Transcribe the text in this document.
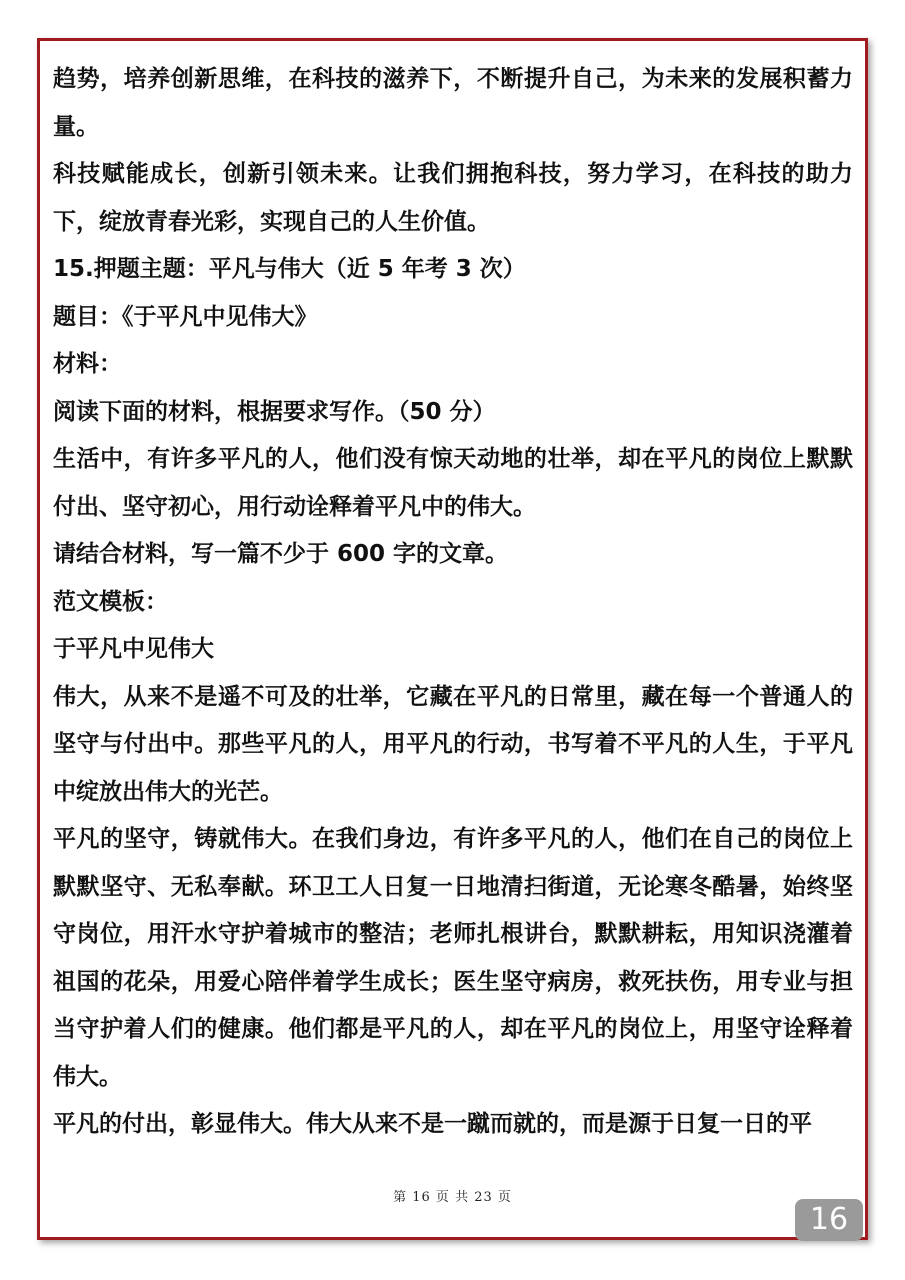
趋势，培养创新思维，在科技的滋养下，不断提升自己，为未来的发展积蓄力量。

科技赋能成长，创新引领未来。让我们拥抱科技，努力学习，在科技的助力下，绽放青春光彩，实现自己的人生价值。

15.押题主题：平凡与伟大（近 5 年考 3 次）

题目：《于平凡中见伟大》

材料：

阅读下面的材料，根据要求写作。（50 分）

生活中，有许多平凡的人，他们没有惊天动地的壮举，却在平凡的岗位上默默付出、坚守初心，用行动诠释着平凡中的伟大。

请结合材料，写一篇不少于 600 字的文章。

范文模板：

于平凡中见伟大

伟大，从来不是遥不可及的壮举，它藏在平凡的日常里，藏在每一个普通人的坚守与付出中。那些平凡的人，用平凡的行动，书写着不平凡的人生，于平凡中绽放出伟大的光芒。

平凡的坚守，铸就伟大。在我们身边，有许多平凡的人，他们在自己的岗位上默默坚守、无私奉献。环卫工人日复一日地清扫街道，无论寒冬酷暑，始终坚守岗位，用汗水守护着城市的整洁；老师扎根讲台，默默耕耘，用知识浇灌着祖国的花朵，用爱心陪伴着学生成长；医生坚守病房，救死扶伤，用专业与担当守护着人们的健康。他们都是平凡的人，却在平凡的岗位上，用坚守诠释着伟大。

平凡的付出，彰显伟大。伟大从来不是一蹴而就的，而是源于日复一日的平

第 16 页 共 23 页
16
